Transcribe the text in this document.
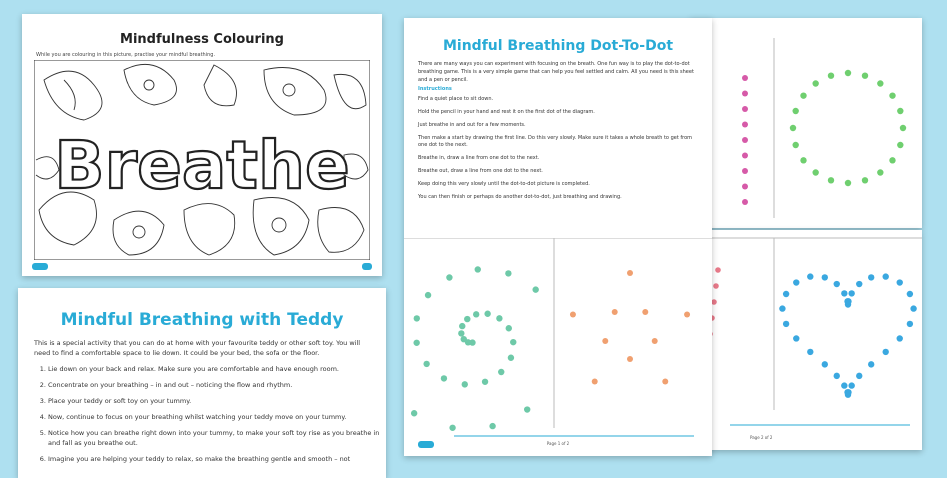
Mindfulness Colouring
While you are colouring in this picture, practise your mindful breathing.
Breathe
Mindful Breathing with Teddy

This is a special activity that you can do at home with your favourite teddy or other soft toy. You will need to find a comfortable space to lie down. It could be your bed, the sofa or the floor.

1. Lie down on your back and relax. Make sure you are comfortable and have enough room.
2. Concentrate on your breathing – in and out – noticing the flow and rhythm.
3. Place your teddy or soft toy on your tummy.
4. Now, continue to focus on your breathing whilst watching your teddy move on your tummy.
5. Notice how you can breathe right down into your tummy, to make your soft toy rise as you breathe in and fall as you breathe out.
6. Imagine you are helping your teddy to relax, so make the breathing gentle and smooth – not
Page 2 of 2
Mindful Breathing Dot-To-Dot

There are many ways you can experiment with focusing on the breath. One fun way is to play the dot-to-dot breathing game. This is a very simple game that can help you feel settled and calm. All you need is this sheet and a pen or pencil.

Instructions

Find a quiet place to sit down.

Hold the pencil in your hand and rest it on the first dot of the diagram.

Just breathe in and out for a few moments.

Then make a start by drawing the first line. Do this very slowly. Make sure it takes a whole breath to get from one dot to the next.

Breathe in, draw a line from one dot to the next.

Breathe out, draw a line from one dot to the next.

Keep doing this very slowly until the dot-to-dot picture is completed.

You can then finish or perhaps do another dot-to-dot, just breathing and drawing.

Page 1 of 2
